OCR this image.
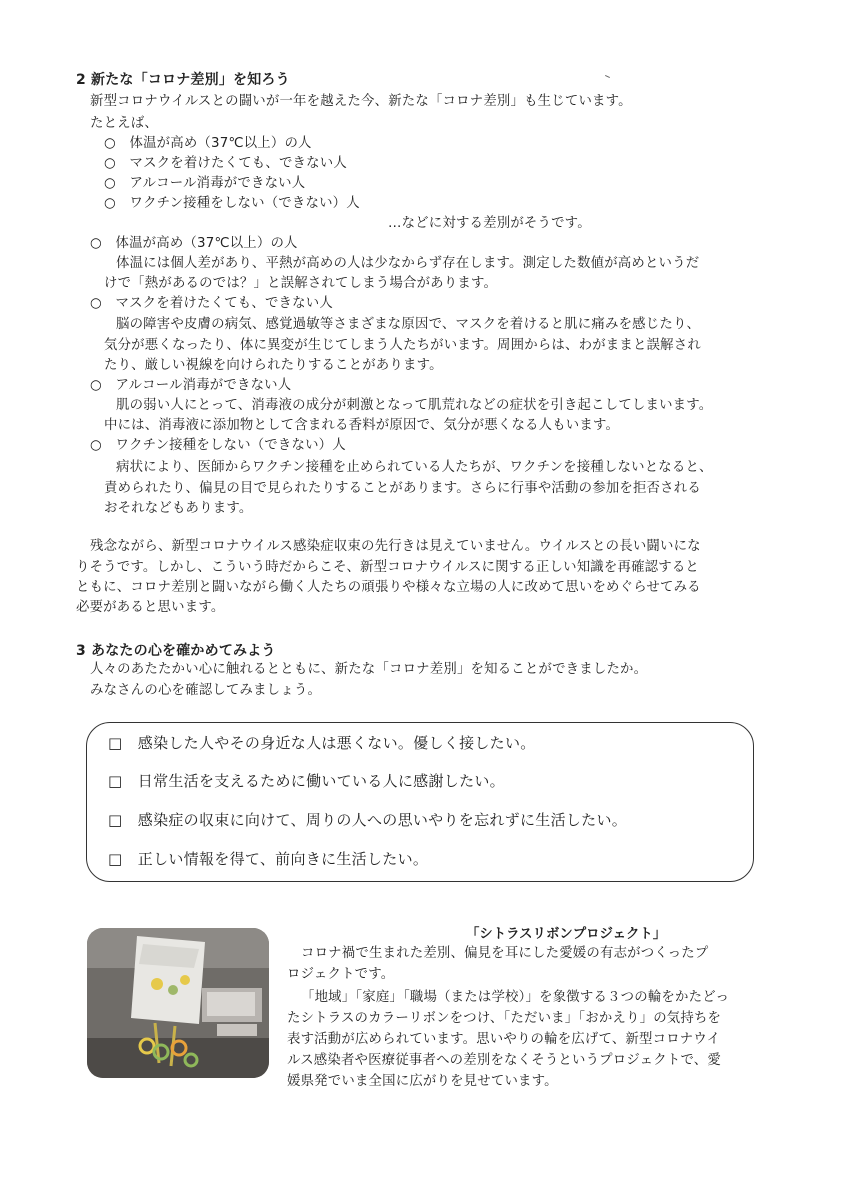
2 新たな「コロナ差別」を知ろう
新型コロナウイルスとの闘いが一年を越えた今、新たな「コロナ差別」も生じています。
たとえば、
○　体温が高め（37℃以上）の人
○　マスクを着けたくても、できない人
○　アルコール消毒ができない人
○　ワクチン接種をしない（できない）人
…などに対する差別がそうです。
○　体温が高め（37℃以上）の人
体温には個人差があり、平熱が高めの人は少なからず存在します。測定した数値が高めというだ
けで「熱があるのでは？」と誤解されてしまう場合があります。
○　マスクを着けたくても、できない人
脳の障害や皮膚の病気、感覚過敏等さまざまな原因で、マスクを着けると肌に痛みを感じたり、
気分が悪くなったり、体に異変が生じてしまう人たちがいます。周囲からは、わがままと誤解され
たり、厳しい視線を向けられたりすることがあります。
○　アルコール消毒ができない人
肌の弱い人にとって、消毒液の成分が刺激となって肌荒れなどの症状を引き起こしてしまいます。
中には、消毒液に添加物として含まれる香料が原因で、気分が悪くなる人もいます。
○　ワクチン接種をしない（できない）人
病状により、医師からワクチン接種を止められている人たちが、ワクチンを接種しないとなると、
責められたり、偏見の目で見られたりすることがあります。さらに行事や活動の参加を拒否される
おそれなどもあります。
残念ながら、新型コロナウイルス感染症収束の先行きは見えていません。ウイルスとの長い闘いにな
りそうです。しかし、こういう時だからこそ、新型コロナウイルスに関する正しい知識を再確認すると
ともに、コロナ差別と闘いながら働く人たちの頑張りや様々な立場の人に改めて思いをめぐらせてみる
必要があると思います。
3 あなたの心を確かめてみよう
人々のあたたかい心に触れるとともに、新たな「コロナ差別」を知ることができましたか。
みなさんの心を確認してみましょう。
□　感染した人やその身近な人は悪くない。優しく接したい。
□　日常生活を支えるために働いている人に感謝したい。
□　感染症の収束に向けて、周りの人への思いやりを忘れずに生活したい。
□　正しい情報を得て、前向きに生活したい。
「シトラスリボンプロジェクト」
コロナ禍で生まれた差別、偏見を耳にした愛媛の有志がつくったプ
ロジェクトです。
「地域」「家庭」「職場（または学校）」を象徴する３つの輪をかたどっ
たシトラスのカラーリボンをつけ、「ただいま」「おかえり」の気持ちを
表す活動が広められています。思いやりの輪を広げて、新型コロナウイ
ルス感染者や医療従事者への差別をなくそうというプロジェクトで、愛
媛県発でいま全国に広がりを見せています。
